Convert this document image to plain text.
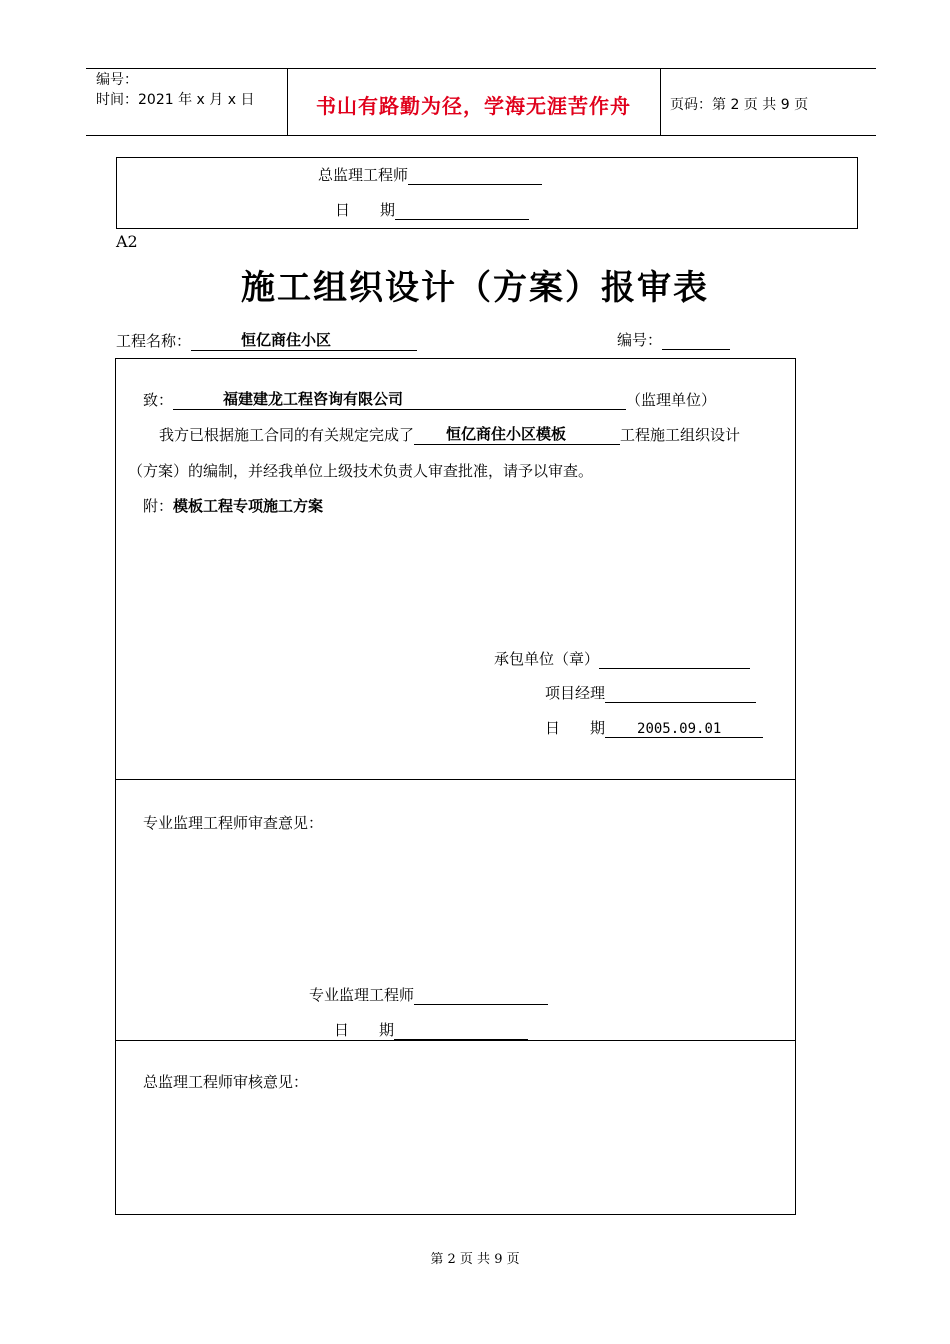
编号：
时间：2021 年 x 月 x 日	书山有路勤为径，学海无涯苦作舟	页码：第 2 页 共 9 页
总监理工程师
日　　期
A2
施工组织设计（方案）报审表
工程名称：	恒亿商住小区	编号：
致：	福建建龙工程咨询有限公司	（监理单位）
我方已根据施工合同的有关规定完成了 恒亿商住小区模板	工程施工组织设计
（方案）的编制，并经我单位上级技术负责人审查批准，请予以审查。
附：模板工程专项施工方案
承包单位（章）
项目经理
日　　期 2005.09.01
专业监理工程师审查意见：
专业监理工程师
日　　期
总监理工程师审核意见：
第 2 页 共 9 页
